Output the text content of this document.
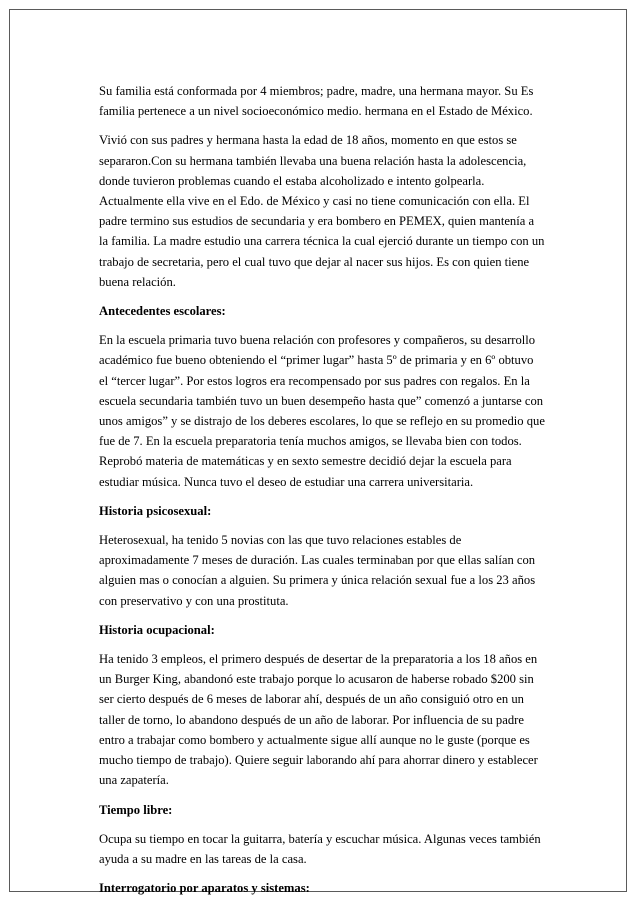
Su familia está conformada por 4 miembros; padre, madre, una hermana mayor. Su Es
familia pertenece a un nivel socioeconómico medio. hermana en el Estado de México.

Vivió con sus padres y hermana hasta la edad de 18 años, momento en que estos se
separaron.Con su hermana también llevaba una buena relación hasta la adolescencia,
donde tuvieron problemas cuando el estaba alcoholizado e intento golpearla.
Actualmente ella vive en el Edo. de México y casi no tiene comunicación con ella. El
padre termino sus estudios de secundaria y era bombero en PEMEX, quien mantenía a
la familia. La madre estudio una carrera técnica la cual ejerció durante un tiempo con un
trabajo de secretaria, pero el cual tuvo que dejar al nacer sus hijos. Es con quien tiene
buena relación.

Antecedentes escolares:

En la escuela primaria tuvo buena relación con profesores y compañeros, su desarrollo
académico fue bueno obteniendo el “primer lugar” hasta 5º de primaria y en 6º obtuvo
el “tercer lugar”. Por estos logros era recompensado por sus padres con regalos. En la
escuela secundaria también tuvo un buen desempeño hasta que” comenzó a juntarse con
unos amigos” y se distrajo de los deberes escolares, lo que se reflejo en su promedio que
fue de 7. En la escuela preparatoria tenía muchos amigos, se llevaba bien con todos.
Reprobó materia de matemáticas y en sexto semestre decidió dejar la escuela para
estudiar música. Nunca tuvo el deseo de estudiar una carrera universitaria.

Historia psicosexual:

Heterosexual, ha tenido 5 novias con las que tuvo relaciones estables de
aproximadamente 7 meses de duración. Las cuales terminaban por que ellas salían con
alguien mas o conocían a alguien. Su primera y única relación sexual fue a los 23 años
con preservativo y con una prostituta.

Historia ocupacional:

Ha tenido 3 empleos, el primero después de desertar de la preparatoria a los 18 años en
un Burger King, abandonó este trabajo porque lo acusaron de haberse robado $200 sin
ser cierto después de 6 meses de laborar ahí, después de un año consiguió otro en un
taller de torno, lo abandono después de un año de laborar. Por influencia de su padre
entro a trabajar como bombero y actualmente sigue allí aunque no le guste (porque es
mucho tiempo de trabajo). Quiere seguir laborando ahí para ahorrar dinero y establecer
una zapatería.

Tiempo libre:

Ocupa su tiempo en tocar la guitarra, batería y escuchar música. Algunas veces también
ayuda a su madre en las tareas de la casa.

Interrogatorio por aparatos y sistemas:
